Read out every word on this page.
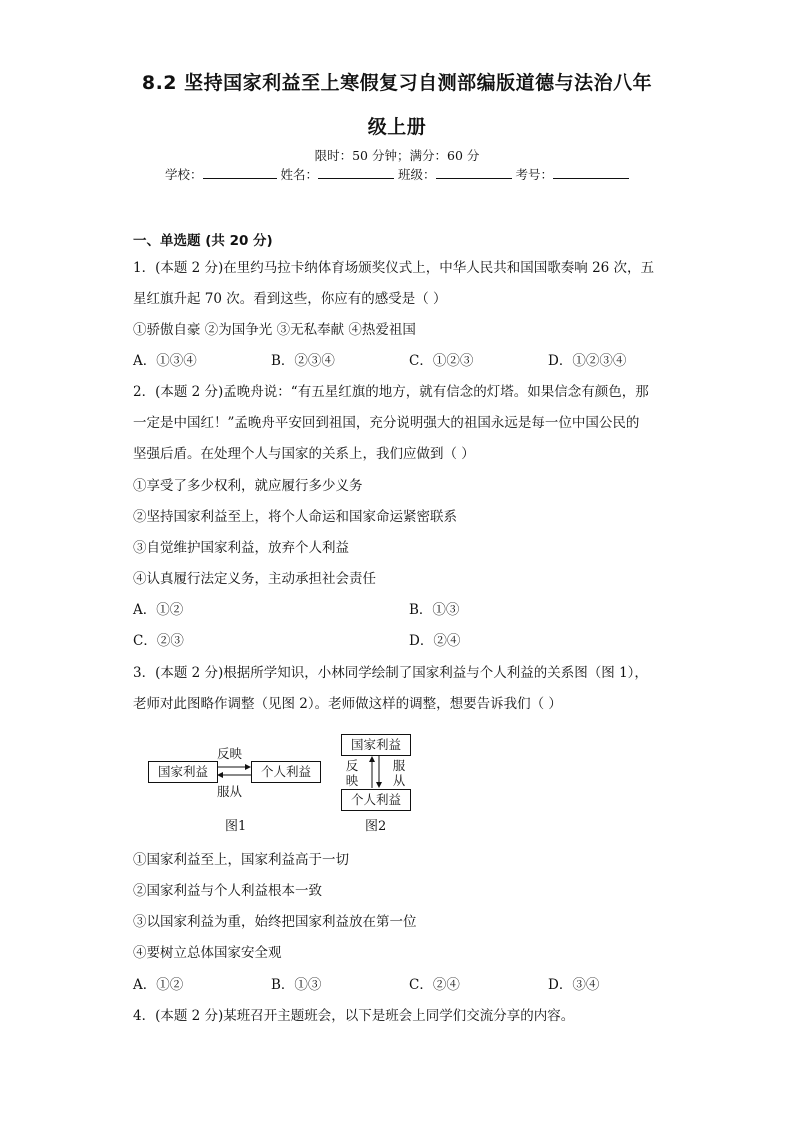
8.2 坚持国家利益至上寒假复习自测部编版道德与法治八年
级上册
限时：50 分钟；满分：60 分
学校：	姓名：	班级：	考号：
一、单选题 (共 20 分)
1．(本题 2 分)在里约马拉卡纳体育场颁奖仪式上，中华人民共和国国歌奏响 26 次，五
星红旗升起 70 次。看到这些，你应有的感受是（ ）
①骄傲自豪 ②为国争光 ③无私奉献 ④热爱祖国
A．①③④	B．②③④	C．①②③	D．①②③④
2．(本题 2 分)孟晚舟说：“有五星红旗的地方，就有信念的灯塔。如果信念有颜色，那
一定是中国红！”孟晚舟平安回到祖国，充分说明强大的祖国永远是每一位中国公民的
坚强后盾。在处理个人与国家的关系上，我们应做到（ ）
①享受了多少权利，就应履行多少义务
②坚持国家利益至上，将个人命运和国家命运紧密联系
③自觉维护国家利益，放弃个人利益
④认真履行法定义务，主动承担社会责任
A．①②	B．①③
C．②③	D．②④
3．(本题 2 分)根据所学知识，小林同学绘制了国家利益与个人利益的关系图（图 1），
老师对此图略作调整（见图 2）。老师做这样的调整，想要告诉我们（ ）
国家利益	个人利益
反映
服从
图1
国家利益
个人利益
反
映
服
从
图2
①国家利益至上，国家利益高于一切
②国家利益与个人利益根本一致
③以国家利益为重，始终把国家利益放在第一位
④要树立总体国家安全观
A．①②	B．①③	C．②④	D．③④
4．(本题 2 分)某班召开主题班会，以下是班会上同学们交流分享的内容。
